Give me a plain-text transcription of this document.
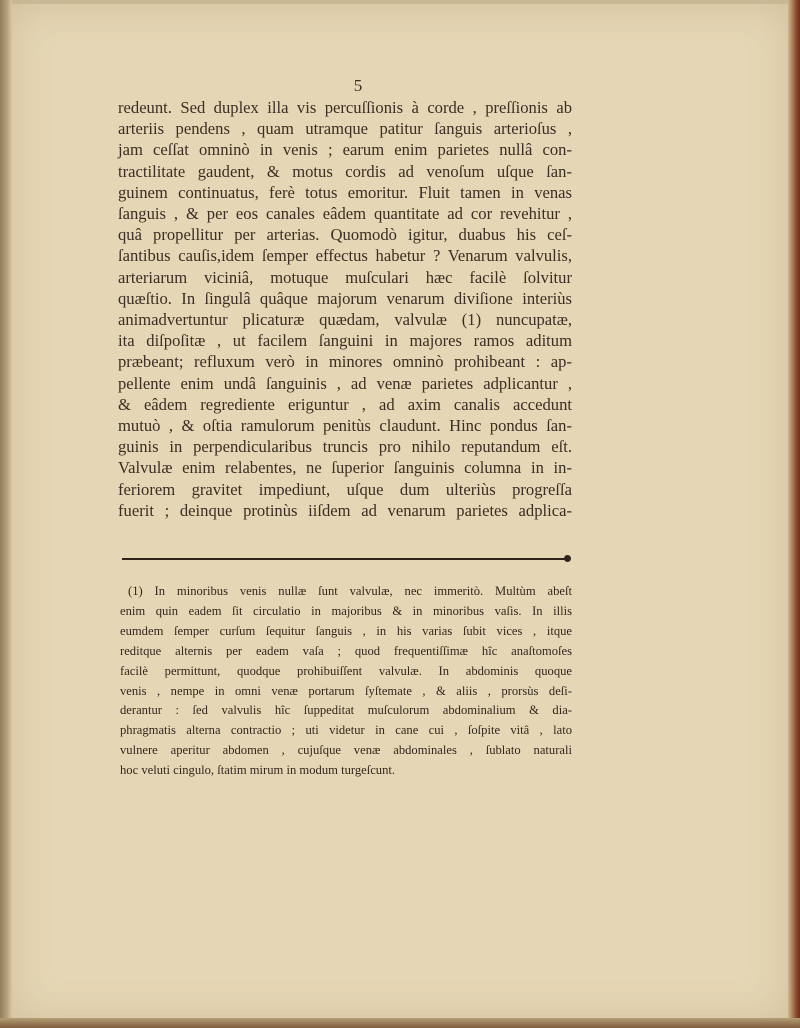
5
redeunt. Sed duplex illa vis percuſſionis à corde , preſſionis ab
arteriis pendens , quam utramque patitur ſanguis arterioſus ,
jam ceſſat omninò in venis ; earum enim parietes nullâ con-
tractilitate gaudent, & motus cordis ad venoſum uſque ſan-
guinem continuatus, ferè totus emoritur. Fluit tamen in venas
ſanguis , & per eos canales eâdem quantitate ad cor revehitur ,
quâ propellitur per arterias. Quomodò igitur, duabus his ceſ-
ſantibus cauſis,idem ſemper effectus habetur ? Venarum valvulis,
arteriarum viciniâ, motuque muſculari hæc facilè ſolvitur
quæſtio. In ſingulâ quâque majorum venarum diviſione interiùs
animadvertuntur plicaturæ quædam, valvulæ (1) nuncupatæ,
ita diſpoſitæ , ut facilem ſanguini in majores ramos aditum
præbeant; refluxum verò in minores omninò prohibeant : ap-
pellente enim undâ ſanguinis , ad venæ parietes adplicantur ,
& eâdem regrediente eriguntur , ad axim canalis accedunt
mutuò , & oſtia ramulorum penitùs claudunt. Hinc pondus ſan-
guinis in perpendicularibus truncis pro nihilo reputandum eſt.
Valvulæ enim relabentes, ne ſuperior ſanguinis columna in in-
feriorem gravitet impediunt, uſque dum ulteriùs progreſſa
fuerit ; deinque protinùs iiſdem ad venarum parietes adplica-
(1) In minoribus venis nullæ ſunt valvulæ, nec immeritò. Multùm abeſt
enim quin eadem ſit circulatio in majoribus & in minoribus vaſis. In illis
eumdem ſemper curſum ſequitur ſanguis , in his varias ſubit vices , itque
reditque alternis per eadem vaſa ; quod frequentiſſimæ hîc anaſtomoſes
facilè permittunt, quodque prohibuiſſent valvulæ. In abdominis quoque
venis , nempe in omni venæ portarum ſyſtemate , & aliis , prorsùs deſi-
derantur : ſed valvulis hîc ſuppeditat muſculorum abdominalium & dia-
phragmatis alterna contractio ; uti videtur in cane cui , ſoſpite vitâ , lato
vulnere aperitur abdomen , cujuſque venæ abdominales , ſublato naturali
hoc veluti cingulo, ſtatim mirum in modum turgeſcunt.
